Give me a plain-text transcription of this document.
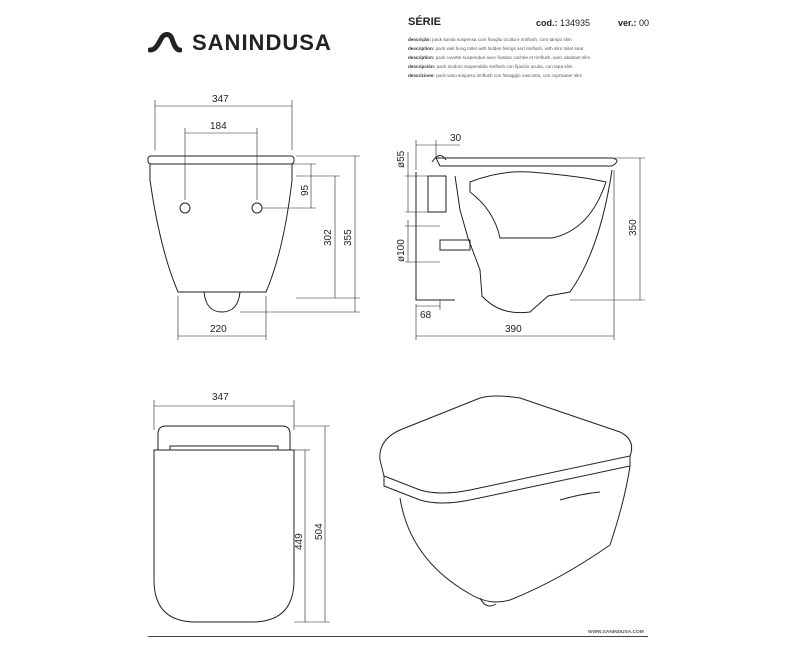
SANINDUSA
SÉRIE	cod.: 134935	ver.: 00
descrição: pack sanita suspensa com fixação oculta e rimflush, com tampo slim
description: pack wall hung toilet with hidden fixings and rimflush, with slim toilet seat
description: pack cuvette suspendue avec fixation cachée et rimflush, avec abattant slim
descripción: pack inodoro suspendido rimflush con fijación oculta, con tapa slim
descrizione: pack vaso sospeso rimflush con fissaggio nascosto, con copriwater slim
347
184
95
302 355
220
ø55
30
ø100
68
390
350
347
449
504
WWW.SANINDUSA.COM
